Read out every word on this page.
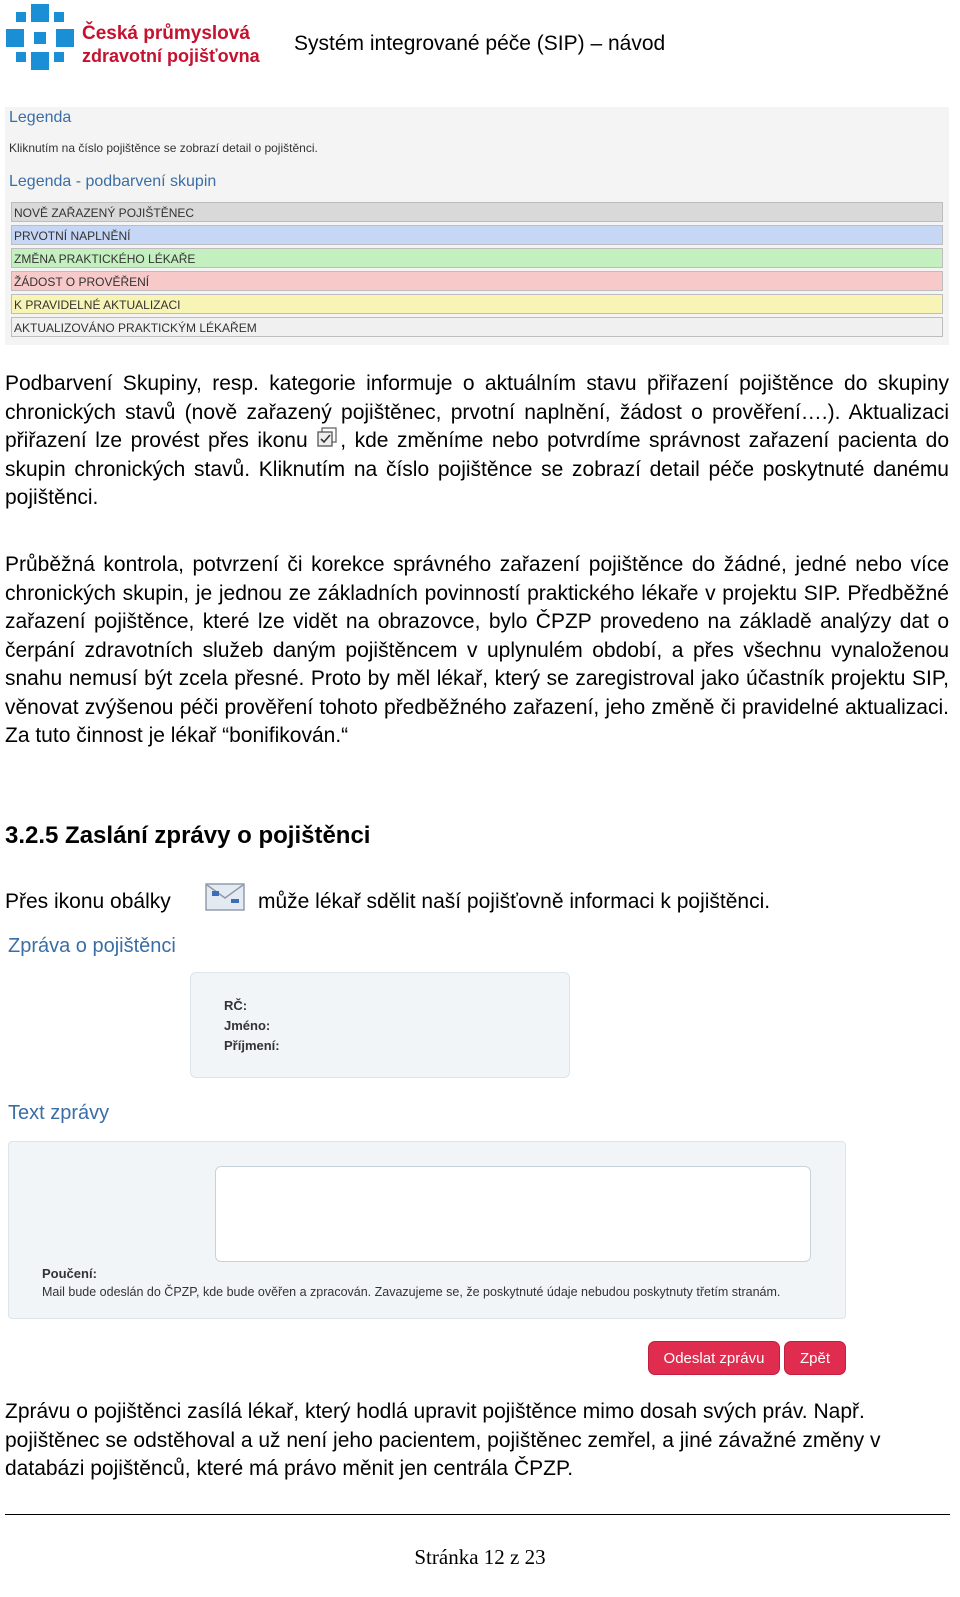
Česká průmyslová
zdravotní pojišťovna
Systém integrované péče (SIP) – návod
Legenda
Kliknutím na číslo pojištěnce se zobrazí detail o pojištěnci.
Legenda - podbarvení skupin
NOVĚ ZAŘAZENÝ POJIŠTĚNEC
PRVOTNÍ NAPLNĚNÍ
ZMĚNA PRAKTICKÉHO LÉKAŘE
ŽÁDOST O PROVĚŘENÍ
K PRAVIDELNÉ AKTUALIZACI
AKTUALIZOVÁNO PRAKTICKÝM LÉKAŘEM
Podbarvení Skupiny, resp. kategorie informuje o aktuálním stavu přiřazení pojištěnce do skupiny chronických stavů (nově zařazený pojištěnec, prvotní naplnění, žádost o prověření….). Aktualizaci přiřazení lze provést přes ikonu , kde změníme nebo potvrdíme správnost zařazení pacienta do skupin chronických stavů. Kliknutím na číslo pojištěnce se zobrazí detail péče poskytnuté danému pojištěnci.
Průběžná kontrola, potvrzení či korekce správného zařazení pojištěnce do žádné, jedné nebo více chronických skupin, je jednou ze základních povinností praktického lékaře v projektu SIP. Předběžné zařazení pojištěnce, které lze vidět na obrazovce, bylo ČPZP provedeno na základě analýzy dat o čerpání zdravotních služeb daným pojištěncem v uplynulém období, a přes všechnu vynaloženou snahu nemusí být zcela přesné. Proto by měl lékař, který se zaregistroval jako účastník projektu SIP, věnovat zvýšenou péči prověření tohoto předběžného zařazení, jeho změně či pravidelné aktualizaci. Za tuto činnost je lékař “bonifikován.“
3.2.5 Zaslání zprávy o pojištěnci
Přes ikonu obálky	může lékař sdělit naší pojišťovně informaci k pojištěnci.
Zpráva o pojištěnci
RČ:
Jméno:
Příjmení:
Text zprávy
Poučení:
Mail bude odeslán do ČPZP, kde bude ověřen a zpracován. Zavazujeme se, že poskytnuté údaje nebudou poskytnuty třetím stranám.
Odeslat zprávu	Zpět
Zprávu o pojištěnci zasílá lékař, který hodlá upravit pojištěnce mimo dosah svých práv. Např. pojištěnec se odstěhoval a už není jeho pacientem, pojištěnec zemřel, a jiné závažné změny v databázi pojištěnců, které má právo měnit jen centrála ČPZP.
Stránka 12 z 23
